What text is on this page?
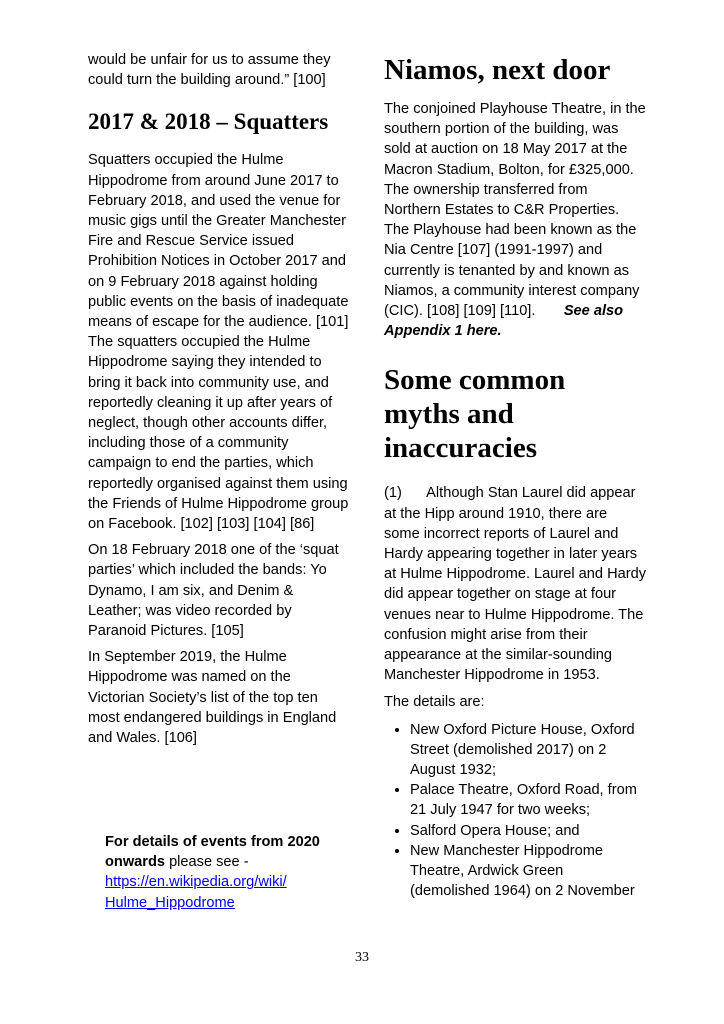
would be unfair for us to assume they could turn the building around.” [100]

2017 & 2018 – Squatters

Squatters occupied the Hulme Hippodrome from around June 2017 to February 2018, and used the venue for music gigs until the Greater Manchester Fire and Rescue Service issued Prohibition Notices in October 2017 and on 9 February 2018 against holding public events on the basis of inadequate means of escape for the audience. [101] The squatters occupied the Hulme Hippodrome saying they intended to bring it back into community use, and reportedly cleaning it up after years of neglect, though other accounts differ, including those of a community campaign to end the parties, which reportedly organised against them using the Friends of Hulme Hippodrome group on Facebook. [102] [103] [104] [86]

On 18 February 2018 one of the ‘squat parties’ which included the bands: Yo Dynamo, I am six, and Denim & Leather; was video recorded by Paranoid Pictures. [105]

In September 2019, the Hulme Hippodrome was named on the Victorian Society’s list of the top ten most endangered buildings in England and Wales. [106]

For details of events from 2020 onwards please see -
https://en.wikipedia.org/wiki/
Hulme_Hippodrome
Niamos, next door

The conjoined Playhouse Theatre, in the southern portion of the building, was sold at auction on 18 May 2017 at the Macron Stadium, Bolton, for £325,000. The ownership transferred from Northern Estates to C&R Properties. The Playhouse had been known as the Nia Centre [107] (1991-1997) and currently is tenanted by and known as Niamos, a community interest company (CIC). [108] [109] [110]. See also Appendix 1 here.

Some common
myths and
inaccuracies

(1) Although Stan Laurel did appear at the Hipp around 1910, there are some incorrect reports of Laurel and Hardy appearing together in later years at Hulme Hippodrome. Laurel and Hardy did appear together on stage at four venues near to Hulme Hippodrome. The confusion might arise from their appearance at the similar-sounding Manchester Hippodrome in 1953.

The details are:

• New Oxford Picture House, Oxford Street (demolished 2017) on 2 August 1932;
• Palace Theatre, Oxford Road, from 21 July 1947 for two weeks;
• Salford Opera House; and
• New Manchester Hippodrome Theatre, Ardwick Green (demolished 1964) on 2 November
33
